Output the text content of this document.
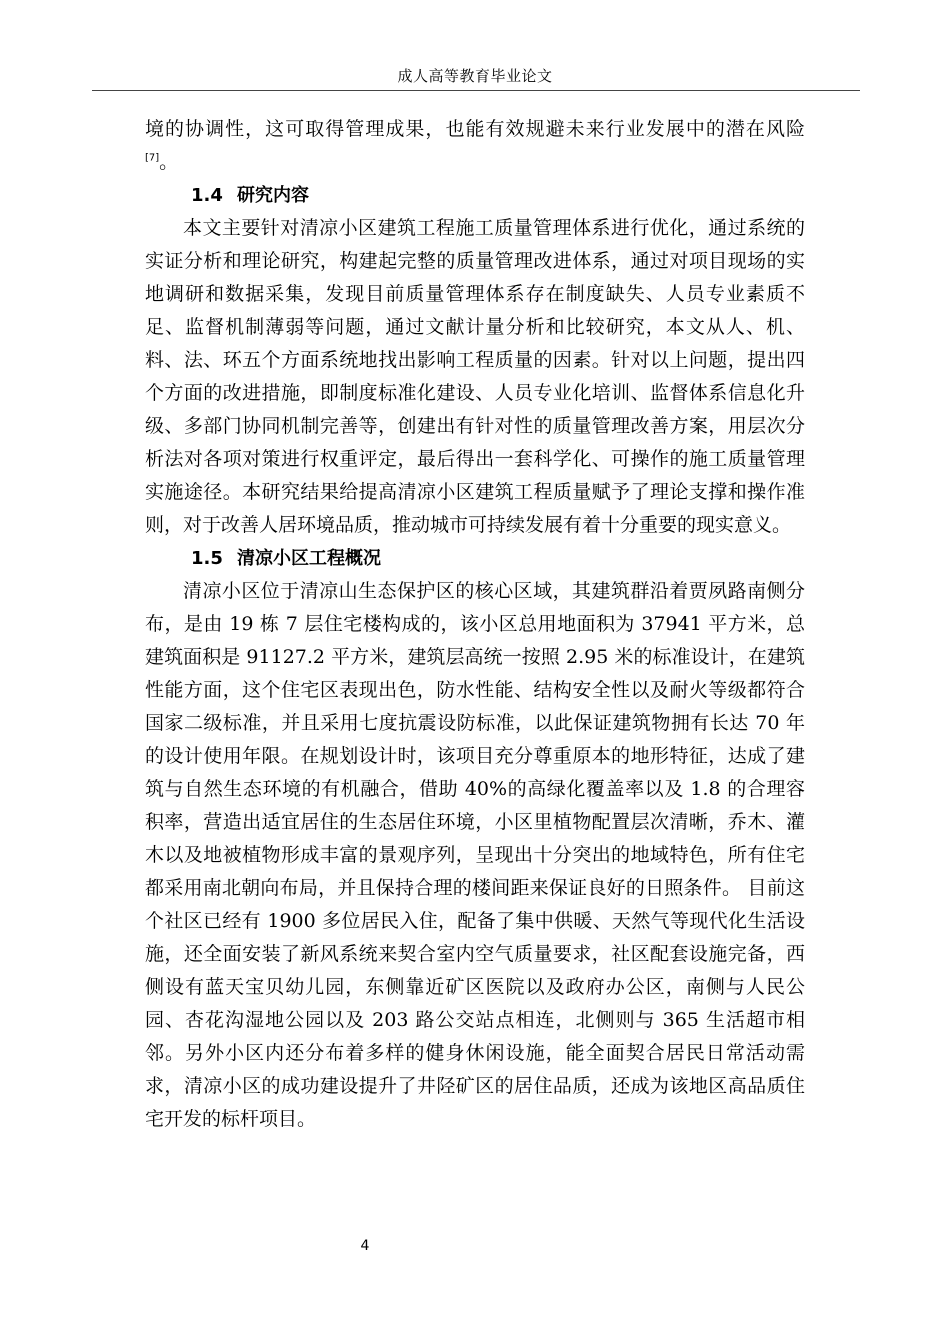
成人高等教育毕业论文

境的协调性，这可取得管理成果，也能有效规避未来行业发展中的潜在风险[7]。

1.4 研究内容

本文主要针对清凉小区建筑工程施工质量管理体系进行优化，通过系统的实证分析和理论研究，构建起完整的质量管理改进体系，通过对项目现场的实地调研和数据采集，发现目前质量管理体系存在制度缺失、人员专业素质不足、监督机制薄弱等问题，通过文献计量分析和比较研究，本文从人、机、料、法、环五个方面系统地找出影响工程质量的因素。针对以上问题，提出四个方面的改进措施，即制度标准化建设、人员专业化培训、监督体系信息化升级、多部门协同机制完善等，创建出有针对性的质量管理改善方案，用层次分析法对各项对策进行权重评定，最后得出一套科学化、可操作的施工质量管理实施途径。本研究结果给提高清凉小区建筑工程质量赋予了理论支撑和操作准则，对于改善人居环境品质，推动城市可持续发展有着十分重要的现实意义。

1.5 清凉小区工程概况

清凉小区位于清凉山生态保护区的核心区域，其建筑群沿着贾夙路南侧分布，是由 19 栋 7 层住宅楼构成的，该小区总用地面积为 37941 平方米，总建筑面积是 91127.2 平方米，建筑层高统一按照 2.95 米的标准设计，在建筑性能方面，这个住宅区表现出色，防水性能、结构安全性以及耐火等级都符合国家二级标准，并且采用七度抗震设防标准，以此保证建筑物拥有长达 70 年的设计使用年限。在规划设计时，该项目充分尊重原本的地形特征，达成了建筑与自然生态环境的有机融合，借助 40%的高绿化覆盖率以及 1.8 的合理容积率，营造出适宜居住的生态居住环境，小区里植物配置层次清晰，乔木、灌木以及地被植物形成丰富的景观序列，呈现出十分突出的地域特色，所有住宅都采用南北朝向布局，并且保持合理的楼间距来保证良好的日照条件。 目前这个社区已经有 1900 多位居民入住，配备了集中供暖、天然气等现代化生活设施，还全面安装了新风系统来契合室内空气质量要求，社区配套设施完备，西侧设有蓝天宝贝幼儿园，东侧靠近矿区医院以及政府办公区，南侧与人民公园、杏花沟湿地公园以及 203 路公交站点相连，北侧则与 365 生活超市相邻。另外小区内还分布着多样的健身休闲设施，能全面契合居民日常活动需求，清凉小区的成功建设提升了井陉矿区的居住品质，还成为该地区高品质住宅开发的标杆项目。

4
